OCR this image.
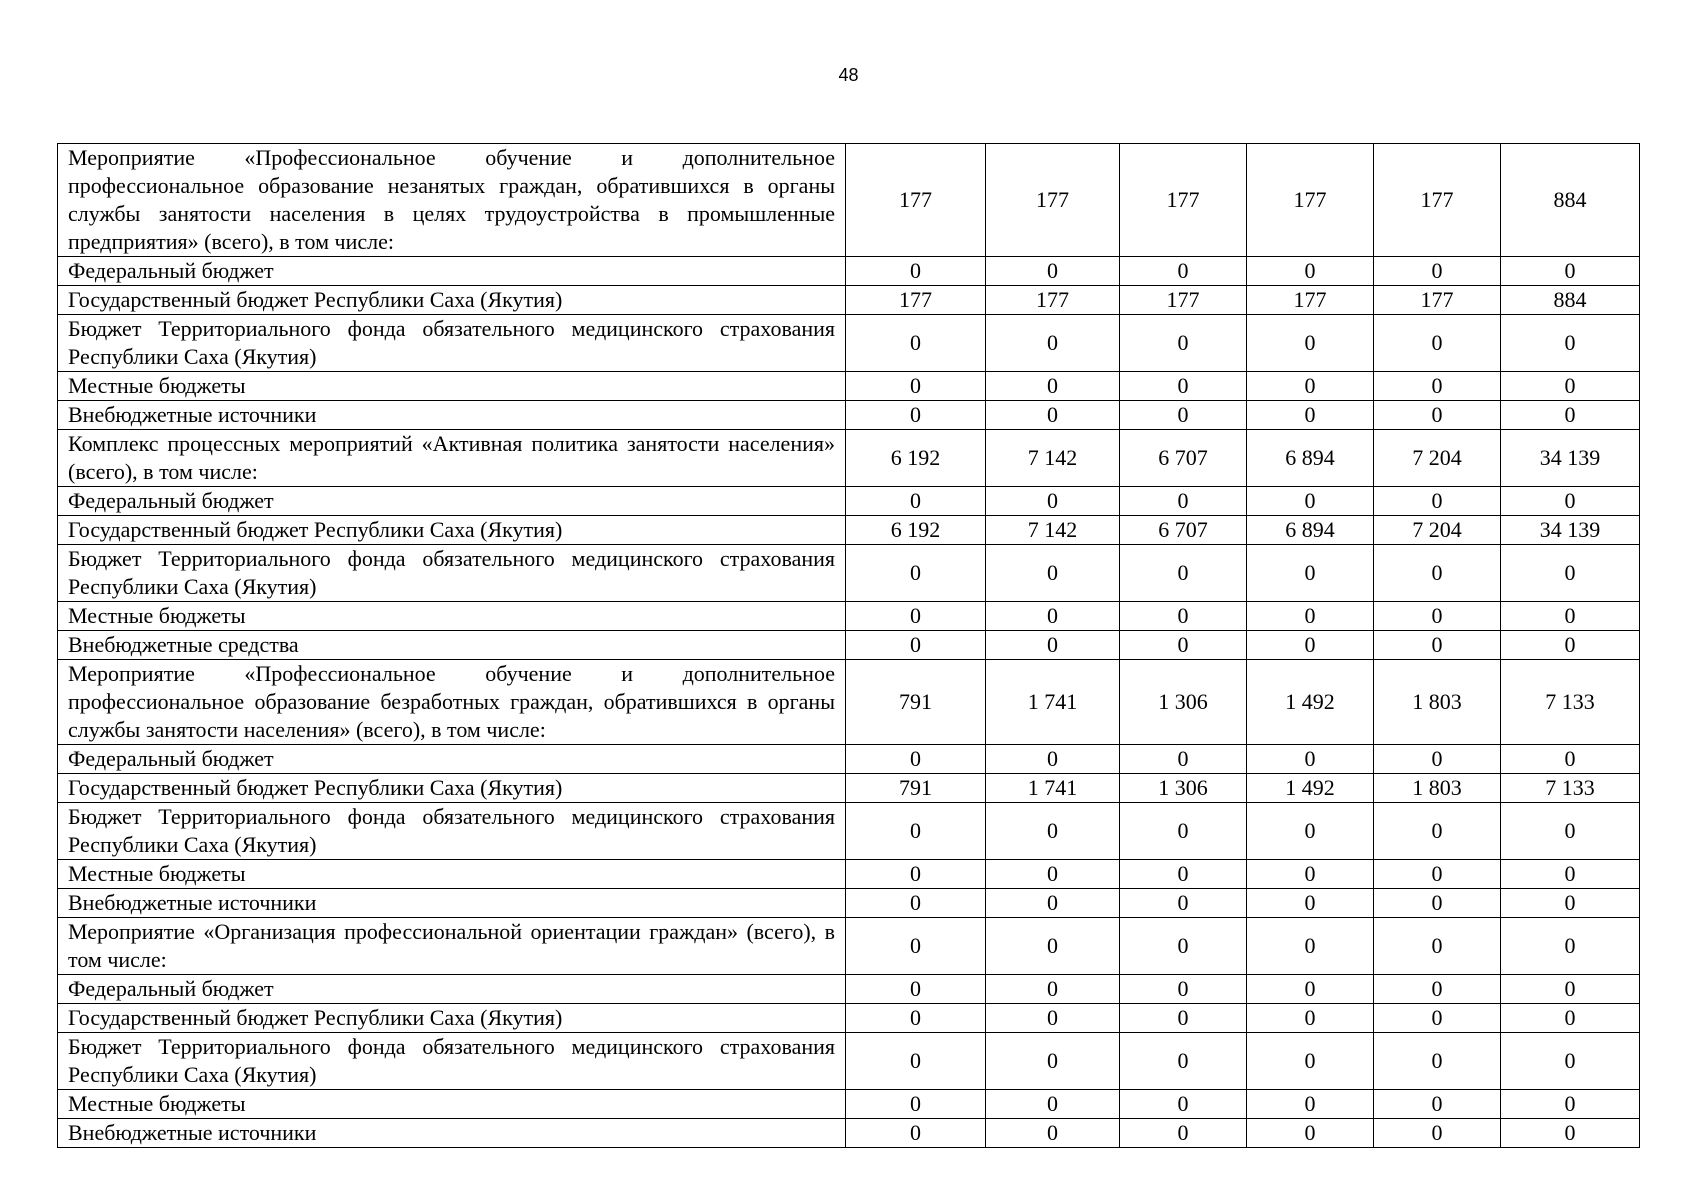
48
Мероприятие «Профессиональное обучение и дополнительное профессиональное образование незанятых граждан, обратившихся в органы службы занятости населения в целях трудоустройства в промышленные предприятия» (всего), в том числе:	177	177	177	177	177	884
Федеральный бюджет	0	0	0	0	0	0
Государственный бюджет Республики Саха (Якутия)	177	177	177	177	177	884
Бюджет Территориального фонда обязательного медицинского страхования Республики Саха (Якутия)	0	0	0	0	0	0
Местные бюджеты	0	0	0	0	0	0
Внебюджетные источники	0	0	0	0	0	0
Комплекс процессных мероприятий «Активная политика занятости населения» (всего), в том числе:	6 192	7 142	6 707	6 894	7 204	34 139
Федеральный бюджет	0	0	0	0	0	0
Государственный бюджет Республики Саха (Якутия)	6 192	7 142	6 707	6 894	7 204	34 139
Бюджет Территориального фонда обязательного медицинского страхования Республики Саха (Якутия)	0	0	0	0	0	0
Местные бюджеты	0	0	0	0	0	0
Внебюджетные средства	0	0	0	0	0	0
Мероприятие «Профессиональное обучение и дополнительное профессиональное образование безработных граждан, обратившихся в органы службы занятости населения» (всего), в том числе:	791	1 741	1 306	1 492	1 803	7 133
Федеральный бюджет	0	0	0	0	0	0
Государственный бюджет Республики Саха (Якутия)	791	1 741	1 306	1 492	1 803	7 133
Бюджет Территориального фонда обязательного медицинского страхования Республики Саха (Якутия)	0	0	0	0	0	0
Местные бюджеты	0	0	0	0	0	0
Внебюджетные источники	0	0	0	0	0	0
Мероприятие «Организация профессиональной ориентации граждан» (всего), в том числе:	0	0	0	0	0	0
Федеральный бюджет	0	0	0	0	0	0
Государственный бюджет Республики Саха (Якутия)	0	0	0	0	0	0
Бюджет Территориального фонда обязательного медицинского страхования Республики Саха (Якутия)	0	0	0	0	0	0
Местные бюджеты	0	0	0	0	0	0
Внебюджетные источники	0	0	0	0	0	0
